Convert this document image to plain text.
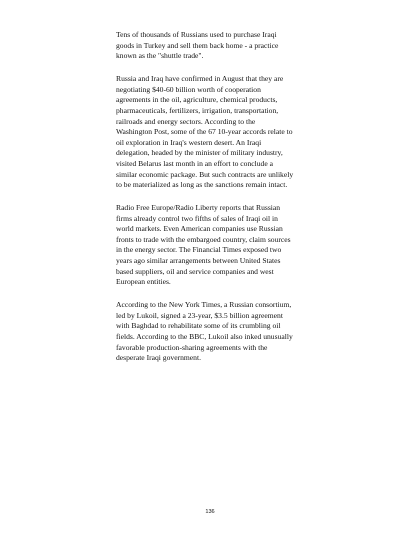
Tens of thousands of Russians used to purchase Iraqi
goods in Turkey and sell them back home - a practice
known as the "shuttle trade".

Russia and Iraq have confirmed in August that they are
negotiating $40-60 billion worth of cooperation
agreements in the oil, agriculture, chemical products,
pharmaceuticals, fertilizers, irrigation, transportation,
railroads and energy sectors. According to the
Washington Post, some of the 67 10-year accords relate to
oil exploration in Iraq's western desert. An Iraqi
delegation, headed by the minister of military industry,
visited Belarus last month in an effort to conclude a
similar economic package. But such contracts are unlikely
to be materialized as long as the sanctions remain intact.

Radio Free Europe/Radio Liberty reports that Russian
firms already control two fifths of sales of Iraqi oil in
world markets. Even American companies use Russian
fronts to trade with the embargoed country, claim sources
in the energy sector. The Financial Times exposed two
years ago similar arrangements between United States
based suppliers, oil and service companies and west
European entities.

According to the New York Times, a Russian consortium,
led by Lukoil, signed a 23-year, $3.5 billion agreement
with Baghdad to rehabilitate some of its crumbling oil
fields. According to the BBC, Lukoil also inked unusually
favorable production-sharing agreements with the
desperate Iraqi government.

136
